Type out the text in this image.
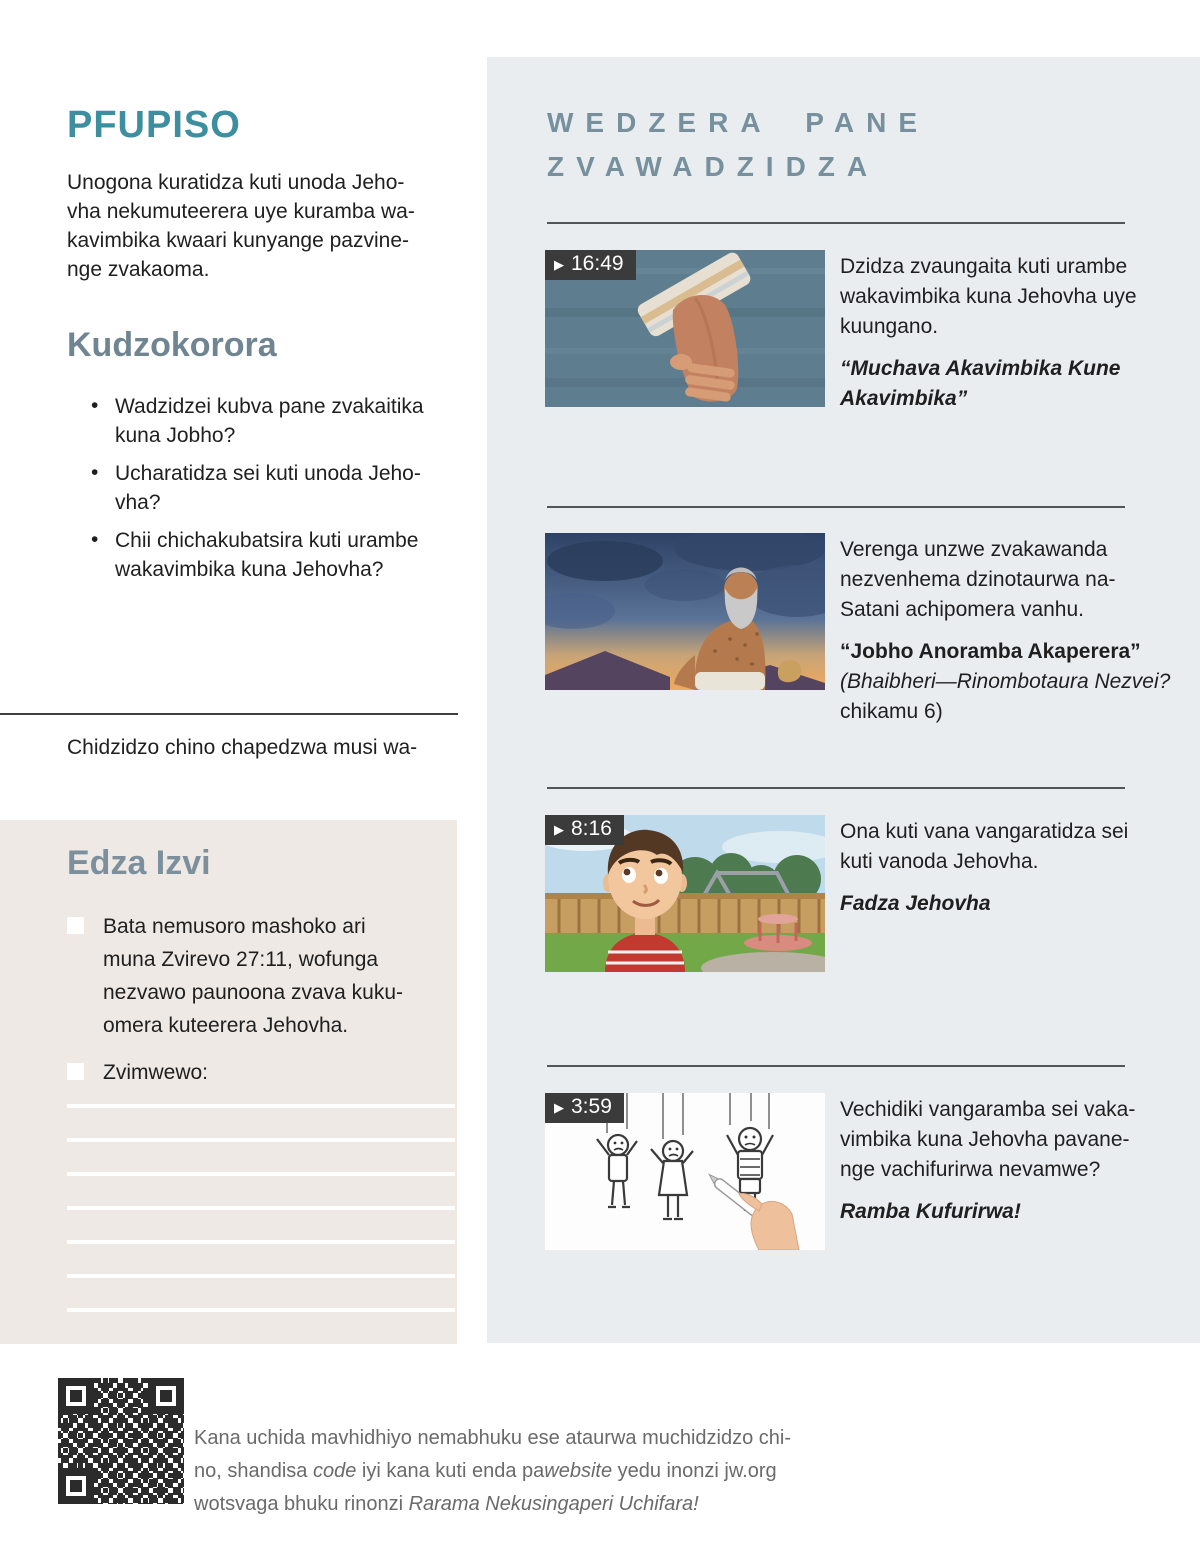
PFUPISO
Unogona kuratidza kuti unoda Jeho-
vha nekumuteerera uye kuramba wa-
kavimbika kwaari kunyange pazvine-
nge zvakaoma.
Kudzokorora
• Wadzidzei kubva pane zvakaitika
kuna Jobho?
• Ucharatidza sei kuti unoda Jeho-
vha?
• Chii chichakubatsira kuti urambe
wakavimbika kuna Jehovha?
Chidzidzo chino chapedzwa musi wa-
Edza Izvi
Bata nemusoro mashoko ari
muna Zvirevo 27:11, wofunga
nezvawo paunoona zvava kuku-
omera kuteerera Jehovha.
Zvimwewo:
WEDZERA PANE
ZVAWADZIDZA
▶ 16:49	Dzidza zvaungaita kuti urambe
wakavimbika kuna Jehovha uye
kuungano.
“Muchava Akavimbika Kune
Akavimbika”
Verenga unzwe zvakawanda
nezvenhema dzinotaurwa na-
Satani achipomera vanhu.
“Jobho Anoramba Akaperera”
(Bhaibheri—Rinombotaura Nezvei?
chikamu 6)
▶ 8:16	Ona kuti vana vangaratidza sei
kuti vanoda Jehovha.
Fadza Jehovha
▶ 3:59	Vechidiki vangaramba sei vaka-
vimbika kuna Jehovha pavane-
nge vachifurirwa nevamwe?
Ramba Kufurirwa!
Kana uchida mavhidhiyo nemabhuku ese ataurwa muchidzidzo chi-
no, shandisa code iyi kana kuti enda pawebsite yedu inonzi jw.org
wotsvaga bhuku rinonzi Rarama Nekusingaperi Uchifara!
